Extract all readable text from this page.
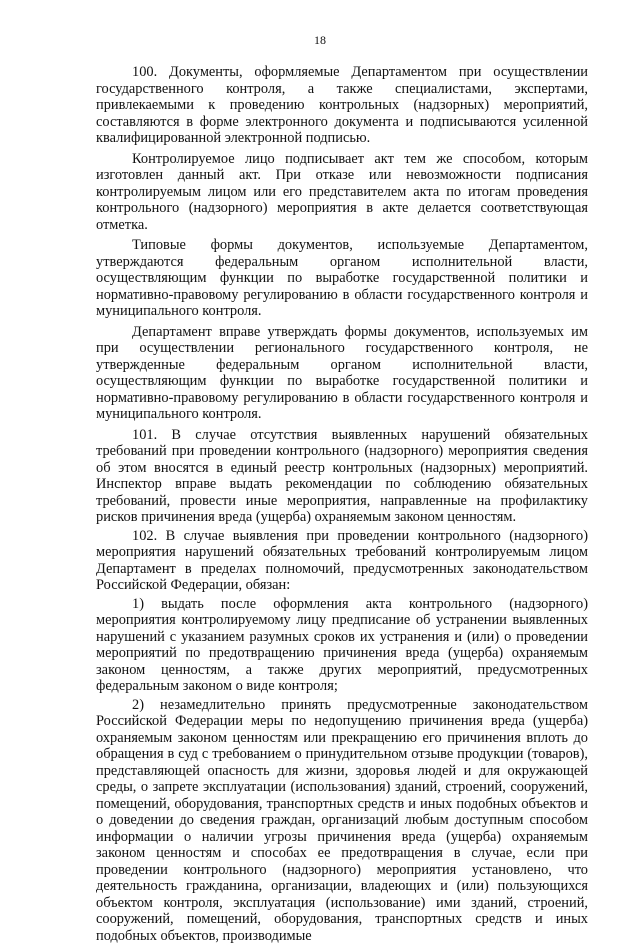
18

100. Документы, оформляемые Департаментом при осуществлении государственного контроля, а также специалистами, экспертами, привлекаемыми к проведению контрольных (надзорных) мероприятий, составляются в форме электронного документа и подписываются усиленной квалифицированной электронной подписью.

Контролируемое лицо подписывает акт тем же способом, которым изготовлен данный акт. При отказе или невозможности подписания контролируемым лицом или его представителем акта по итогам проведения контрольного (надзорного) мероприятия в акте делается соответствующая отметка.

Типовые формы документов, используемые Департаментом, утверждаются федеральным органом исполнительной власти, осуществляющим функции по выработке государственной политики и нормативно-правовому регулированию в области государственного контроля и муниципального контроля.

Департамент вправе утверждать формы документов, используемых им при осуществлении регионального государственного контроля, не утвержденные федеральным органом исполнительной власти, осуществляющим функции по выработке государственной политики и нормативно-правовому регулированию в области государственного контроля и муниципального контроля.

101. В случае отсутствия выявленных нарушений обязательных требований при проведении контрольного (надзорного) мероприятия сведения об этом вносятся в единый реестр контрольных (надзорных) мероприятий. Инспектор вправе выдать рекомендации по соблюдению обязательных требований, провести иные мероприятия, направленные на профилактику рисков причинения вреда (ущерба) охраняемым законом ценностям.

102. В случае выявления при проведении контрольного (надзорного) мероприятия нарушений обязательных требований контролируемым лицом Департамент в пределах полномочий, предусмотренных законодательством Российской Федерации, обязан:

1) выдать после оформления акта контрольного (надзорного) мероприятия контролируемому лицу предписание об устранении выявленных нарушений с указанием разумных сроков их устранения и (или) о проведении мероприятий по предотвращению причинения вреда (ущерба) охраняемым законом ценностям, а также других мероприятий, предусмотренных федеральным законом о виде контроля;

2) незамедлительно принять предусмотренные законодательством Российской Федерации меры по недопущению причинения вреда (ущерба) охраняемым законом ценностям или прекращению его причинения вплоть до обращения в суд с требованием о принудительном отзыве продукции (товаров), представляющей опасность для жизни, здоровья людей и для окружающей среды, о запрете эксплуатации (использования) зданий, строений, сооружений, помещений, оборудования, транспортных средств и иных подобных объектов и о доведении до сведения граждан, организаций любым доступным способом информации о наличии угрозы причинения вреда (ущерба) охраняемым законом ценностям и способах ее предотвращения в случае, если при проведении контрольного (надзорного) мероприятия установлено, что деятельность гражданина, организации, владеющих и (или) пользующихся объектом контроля, эксплуатация (использование) ими зданий, строений, сооружений, помещений, оборудования, транспортных средств и иных подобных объектов, производимые
